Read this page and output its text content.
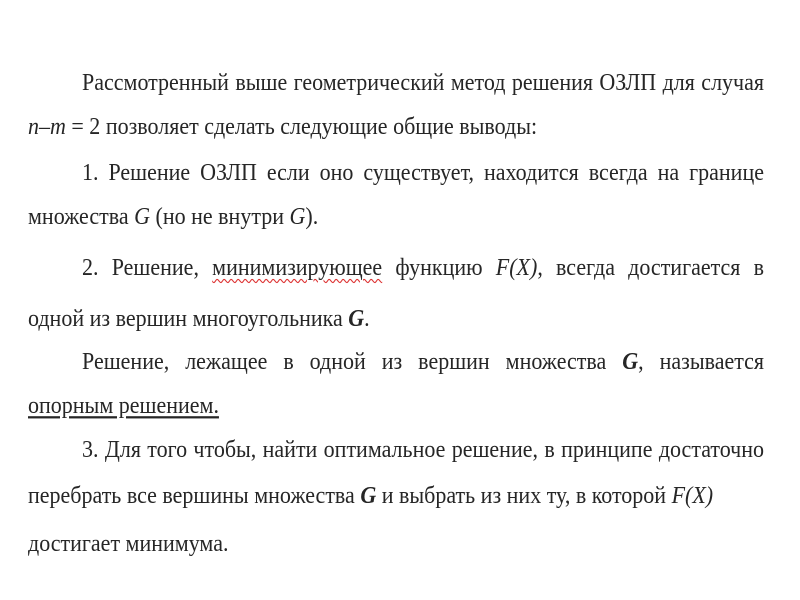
Рассмотренный выше геометрический метод решения ОЗЛП для случая
n–m = 2 позволяет сделать следующие общие выводы:
1. Решение ОЗЛП если оно существует, находится всегда на границе
множества G (но не внутри G).
2. Решение, минимизирующее функцию F(X), всегда достигается в
одной из вершин многоугольника G.
Решение, лежащее в одной из вершин множества G, называется
опорным решением.
3. Для того чтобы, найти оптимальное решение, в принципе достаточно
перебрать все вершины множества G и выбрать из них ту, в которой F(X)
достигает минимума.
